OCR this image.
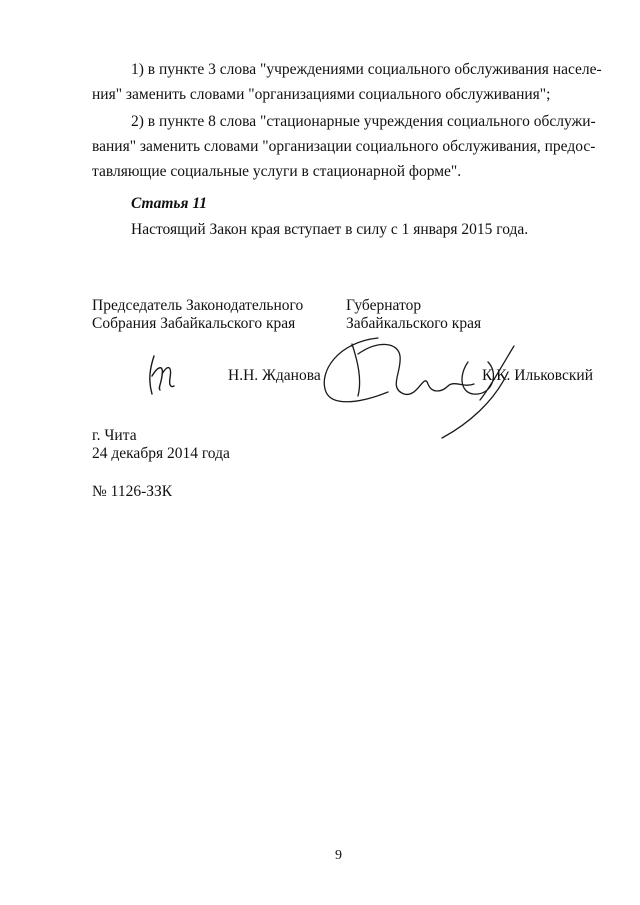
1) в пункте 3 слова "учреждениями социального обслуживания населе-
ния" заменить словами "организациями социального обслуживания";
2) в пункте 8 слова "стационарные учреждения социального обслужи-
вания" заменить словами "организации социального обслуживания, предос-
тавляющие социальные услуги в стационарной форме".
Статья 11
Настоящий Закон края вступает в силу с 1 января 2015 года.
Председатель Законодательного
Собрания Забайкальского края
Губернатор
Забайкальского края
Н.Н. Жданова	К.К. Ильковский
г. Чита
24 декабря 2014 года
№ 1126-ЗЗК
9
